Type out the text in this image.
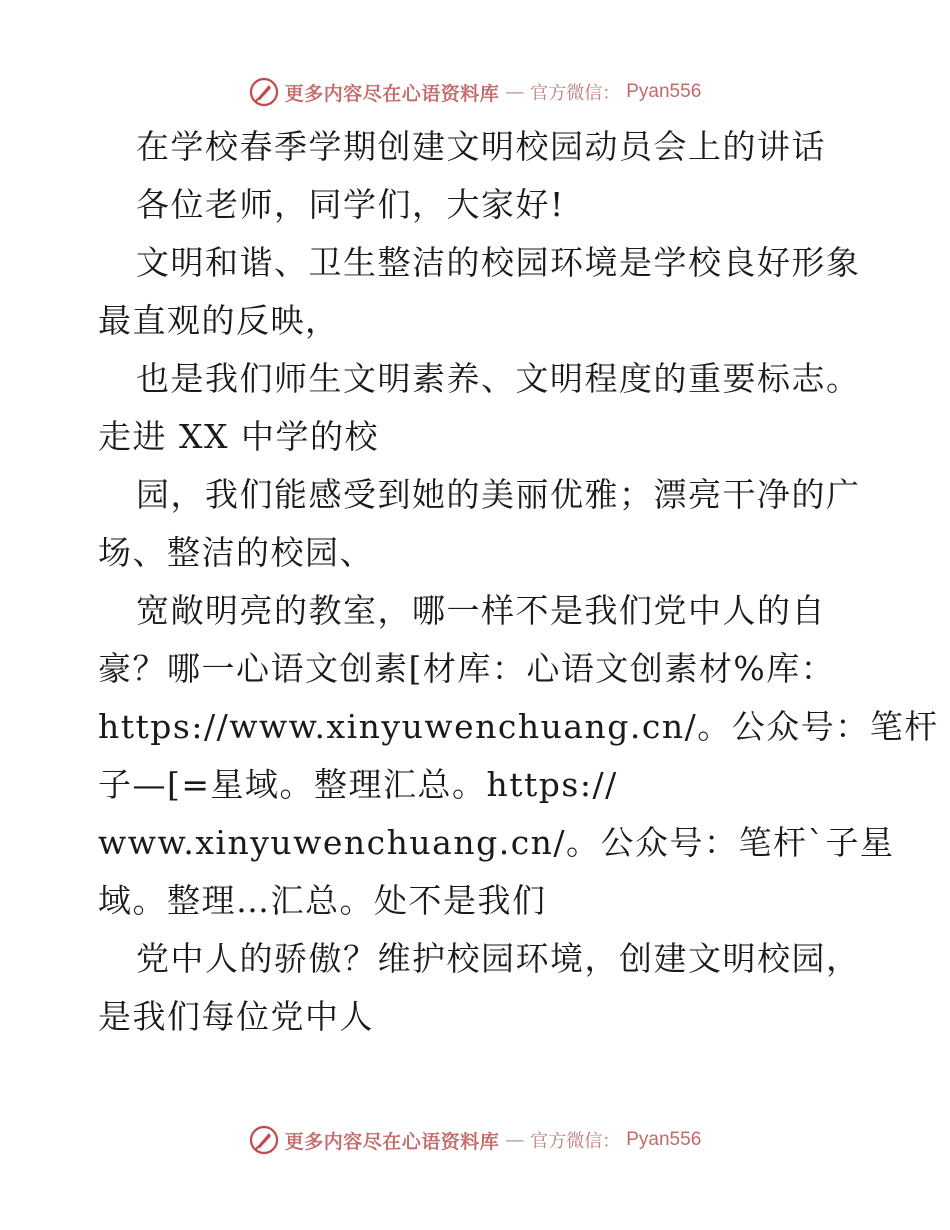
更多内容尽在心语资料库 — 官方微信： Pyan556
在学校春季学期创建文明校园动员会上的讲话
各位老师，同学们，大家好!
文明和谐、卫生整洁的校园环境是学校良好形象
最直观的反映，
也是我们师生文明素养、文明程度的重要标志。
走进 XX 中学的校
园，我们能感受到她的美丽优雅；漂亮干净的广
场、整洁的校园、
宽敞明亮的教室，哪一样不是我们党中人的自
豪？哪一心语文创素[材库：心语文创素材%库：
https://www.xinyuwenchuang.cn/。公众号：笔杆
子—[=星域。整理汇总。https://
www.xinyuwenchuang.cn/。公众号：笔杆`子星
域。整理…汇总。处不是我们
党中人的骄傲？维护校园环境，创建文明校园，
是我们每位党中人
更多内容尽在心语资料库 — 官方微信： Pyan556
